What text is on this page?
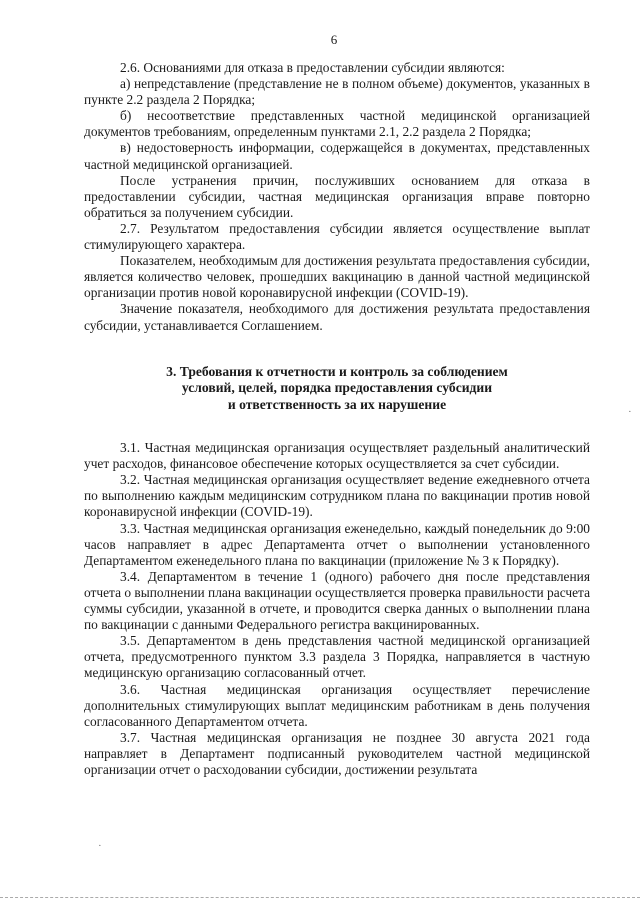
6

2.6. Основаниями для отказа в предоставлении субсидии являются:

а) непредставление (представление не в полном объеме) документов, указанных в пункте 2.2 раздела 2 Порядка;

б) несоответствие представленных частной медицинской организацией документов требованиям, определенным пунктами 2.1, 2.2 раздела 2 Порядка;

в) недостоверность информации, содержащейся в документах, представленных частной медицинской организацией.

После устранения причин, послуживших основанием для отказа в предоставлении субсидии, частная медицинская организация вправе повторно обратиться за получением субсидии.

2.7. Результатом предоставления субсидии является осуществление выплат стимулирующего характера.

Показателем, необходимым для достижения результата предоставления субсидии, является количество человек, прошедших вакцинацию в данной частной медицинской организации против новой коронавирусной инфекции (COVID-19).

Значение показателя, необходимого для достижения результата предоставления субсидии, устанавливается Соглашением.

3. Требования к отчетности и контроль за соблюдением
условий, целей, порядка предоставления субсидии
и ответственность за их нарушение

3.1. Частная медицинская организация осуществляет раздельный аналитический учет расходов, финансовое обеспечение которых осуществляется за счет субсидии.

3.2. Частная медицинская организация осуществляет ведение ежедневного отчета по выполнению каждым медицинским сотрудником плана по вакцинации против новой коронавирусной инфекции (COVID-19).

3.3. Частная медицинская организация еженедельно, каждый понедельник до 9:00 часов направляет в адрес Департамента отчет о выполнении установленного Департаментом еженедельного плана по вакцинации (приложение № 3 к Порядку).

3.4. Департаментом в течение 1 (одного) рабочего дня после представления отчета о выполнении плана вакцинации осуществляется проверка правильности расчета суммы субсидии, указанной в отчете, и проводится сверка данных о выполнении плана по вакцинации с данными Федерального регистра вакцинированных.

3.5. Департаментом в день представления частной медицинской организацией отчета, предусмотренного пунктом 3.3 раздела 3 Порядка, направляется в частную медицинскую организацию согласованный отчет.

3.6. Частная медицинская организация осуществляет перечисление дополнительных стимулирующих выплат медицинским работникам в день получения согласованного Департаментом отчета.

3.7. Частная медицинская организация не позднее 30 августа 2021 года направляет в Департамент подписанный руководителем частной медицинской организации отчет о расходовании субсидии, достижении результата

·
·
